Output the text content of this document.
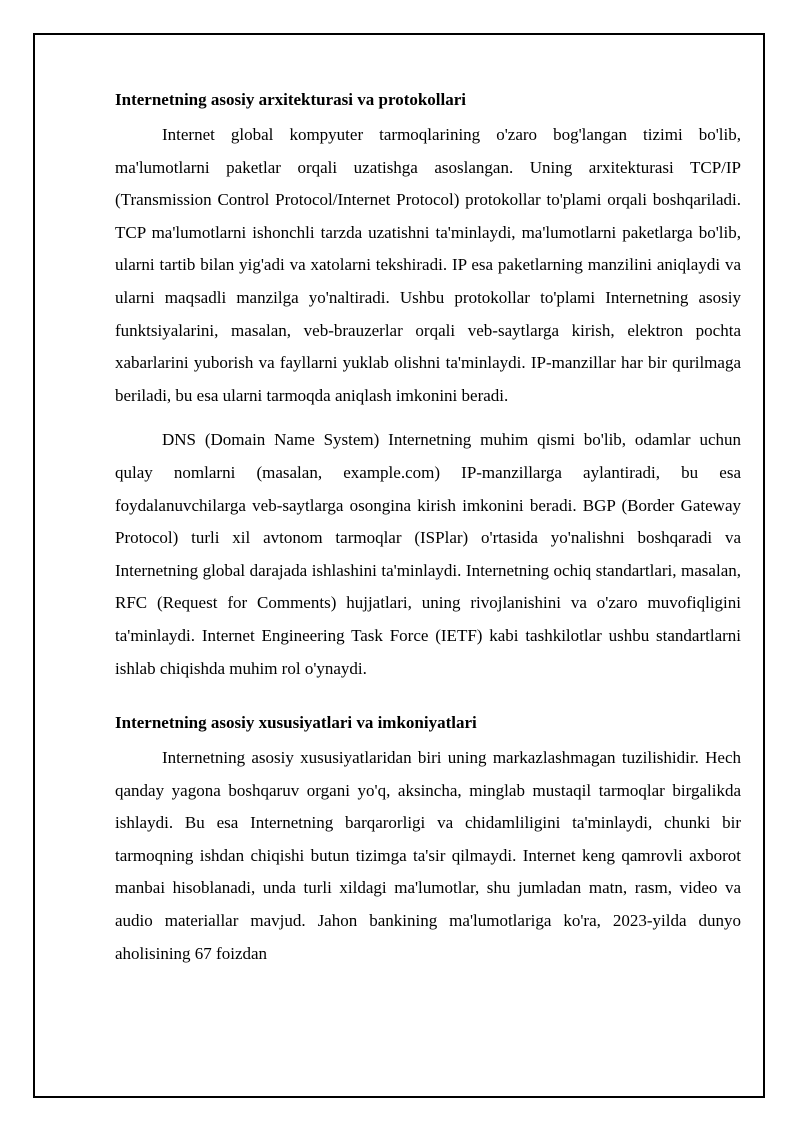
Internetning asosiy arxitekturasi va protokollari

Internet global kompyuter tarmoqlarining o'zaro bog'langan tizimi bo'lib, ma'lumotlarni paketlar orqali uzatishga asoslangan. Uning arxitekturasi TCP/IP (Transmission Control Protocol/Internet Protocol) protokollar to'plami orqali boshqariladi. TCP ma'lumotlarni ishonchli tarzda uzatishni ta'minlaydi, ma'lumotlarni paketlarga bo'lib, ularni tartib bilan yig'adi va xatolarni tekshiradi. IP esa paketlarning manzilini aniqlaydi va ularni maqsadli manzilga yo'naltiradi. Ushbu protokollar to'plami Internetning asosiy funktsiyalarini, masalan, veb-brauzerlar orqali veb-saytlarga kirish, elektron pochta xabarlarini yuborish va fayllarni yuklab olishni ta'minlaydi. IP-manzillar har bir qurilmaga beriladi, bu esa ularni tarmoqda aniqlash imkonini beradi.

DNS (Domain Name System) Internetning muhim qismi bo'lib, odamlar uchun qulay nomlarni (masalan, example.com) IP-manzillarga aylantiradi, bu esa foydalanuvchilarga veb-saytlarga osongina kirish imkonini beradi. BGP (Border Gateway Protocol) turli xil avtonom tarmoqlar (ISPlar) o'rtasida yo'nalishni boshqaradi va Internetning global darajada ishlashini ta'minlaydi. Internetning ochiq standartlari, masalan, RFC (Request for Comments) hujjatlari, uning rivojlanishini va o'zaro muvofiqligini ta'minlaydi. Internet Engineering Task Force (IETF) kabi tashkilotlar ushbu standartlarni ishlab chiqishda muhim rol o'ynaydi.

Internetning asosiy xususiyatlari va imkoniyatlari

Internetning asosiy xususiyatlaridan biri uning markazlashmagan tuzilishidir. Hech qanday yagona boshqaruv organi yo'q, aksincha, minglab mustaqil tarmoqlar birgalikda ishlaydi. Bu esa Internetning barqarorligi va chidamliligini ta'minlaydi, chunki bir tarmoqning ishdan chiqishi butun tizimga ta'sir qilmaydi. Internet keng qamrovli axborot manbai hisoblanadi, unda turli xildagi ma'lumotlar, shu jumladan matn, rasm, video va audio materiallar mavjud. Jahon bankining ma'lumotlariga ko'ra, 2023-yilda dunyo aholisining 67 foizdan
